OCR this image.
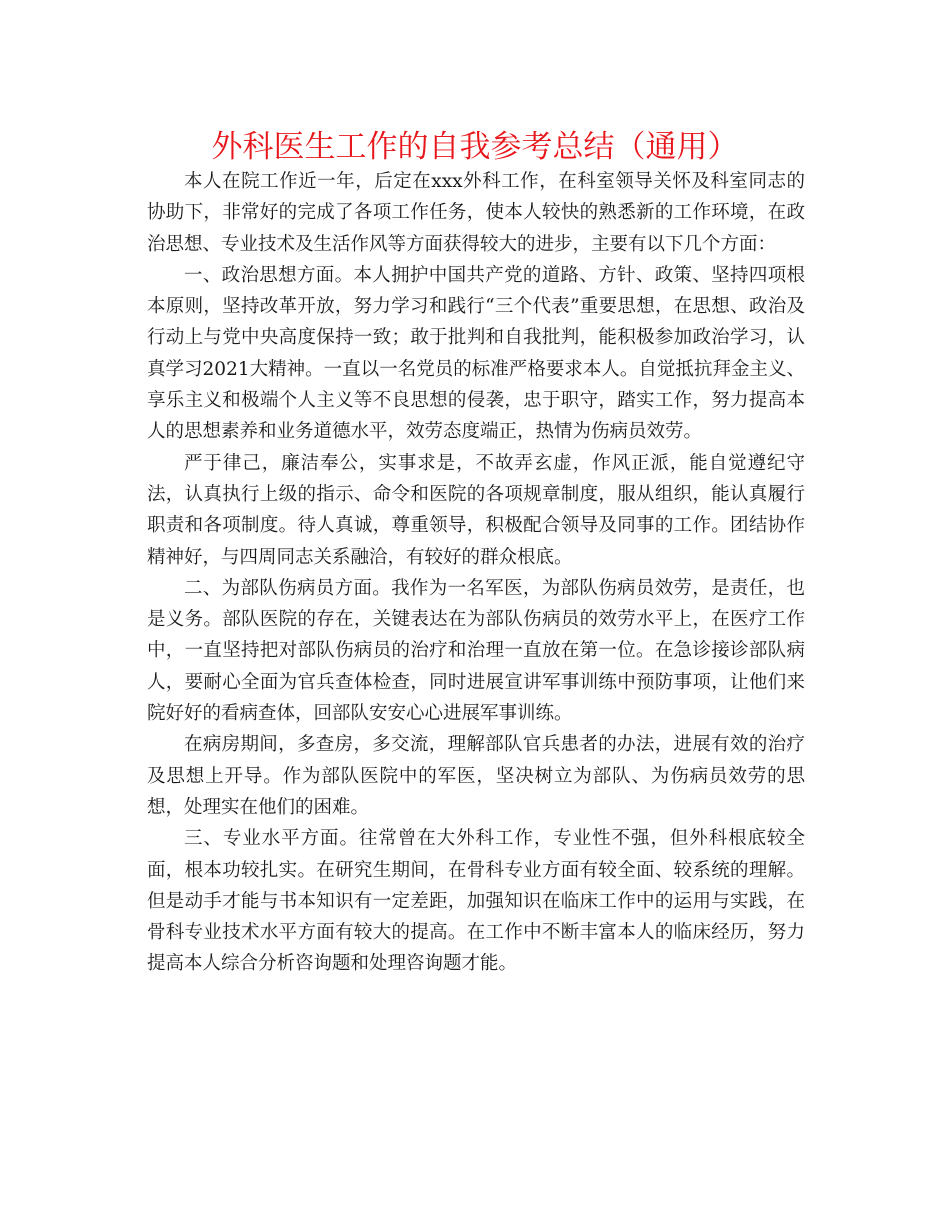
外科医生工作的自我参考总结（通用）

本人在院工作近一年，后定在xxx外科工作，在科室领导关怀及科室同志的协助下，非常好的完成了各项工作任务，使本人较快的熟悉新的工作环境，在政治思想、专业技术及生活作风等方面获得较大的进步，主要有以下几个方面：

一、政治思想方面。本人拥护中国共产党的道路、方针、政策、坚持四项根本原则，坚持改革开放，努力学习和践行“三个代表”重要思想，在思想、政治及行动上与党中央高度保持一致；敢于批判和自我批判，能积极参加政治学习，认真学习2021大精神。一直以一名党员的标准严格要求本人。自觉抵抗拜金主义、享乐主义和极端个人主义等不良思想的侵袭，忠于职守，踏实工作，努力提高本人的思想素养和业务道德水平，效劳态度端正，热情为伤病员效劳。

严于律己，廉洁奉公，实事求是，不故弄玄虚，作风正派，能自觉遵纪守法，认真执行上级的指示、命令和医院的各项规章制度，服从组织，能认真履行职责和各项制度。待人真诚，尊重领导，积极配合领导及同事的工作。团结协作精神好，与四周同志关系融洽，有较好的群众根底。

二、为部队伤病员方面。我作为一名军医，为部队伤病员效劳，是责任，也是义务。部队医院的存在，关键表达在为部队伤病员的效劳水平上，在医疗工作中，一直坚持把对部队伤病员的治疗和治理一直放在第一位。在急诊接诊部队病人，要耐心全面为官兵查体检查，同时进展宣讲军事训练中预防事项，让他们来院好好的看病查体，回部队安安心心进展军事训练。

在病房期间，多查房，多交流，理解部队官兵患者的办法，进展有效的治疗及思想上开导。作为部队医院中的军医，坚决树立为部队、为伤病员效劳的思想，处理实在他们的困难。

三、专业水平方面。往常曾在大外科工作，专业性不强，但外科根底较全面，根本功较扎实。在研究生期间，在骨科专业方面有较全面、较系统的理解。但是动手才能与书本知识有一定差距，加强知识在临床工作中的运用与实践，在骨科专业技术水平方面有较大的提高。在工作中不断丰富本人的临床经历，努力提高本人综合分析咨询题和处理咨询题才能。
